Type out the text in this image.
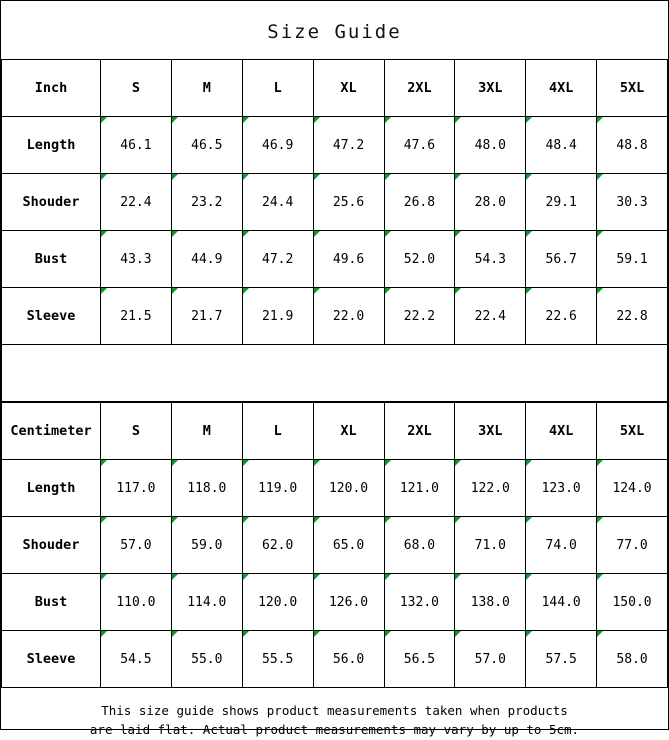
Size Guide
Inch	S	M	L	XL	2XL	3XL	4XL	5XL
Length	46.1	46.5	46.9	47.2	47.6	48.0	48.4	48.8
Shouder	22.4	23.2	24.4	25.6	26.8	28.0	29.1	30.3
Bust	43.3	44.9	47.2	49.6	52.0	54.3	56.7	59.1
Sleeve	21.5	21.7	21.9	22.0	22.2	22.4	22.6	22.8

Centimeter	S	M	L	XL	2XL	3XL	4XL	5XL
Length	117.0	118.0	119.0	120.0	121.0	122.0	123.0	124.0
Shouder	57.0	59.0	62.0	65.0	68.0	71.0	74.0	77.0
Bust	110.0	114.0	120.0	126.0	132.0	138.0	144.0	150.0
Sleeve	54.5	55.0	55.5	56.0	56.5	57.0	57.5	58.0
This size guide shows product measurements taken when products
are laid flat. Actual product measurements may vary by up to 5cm.
